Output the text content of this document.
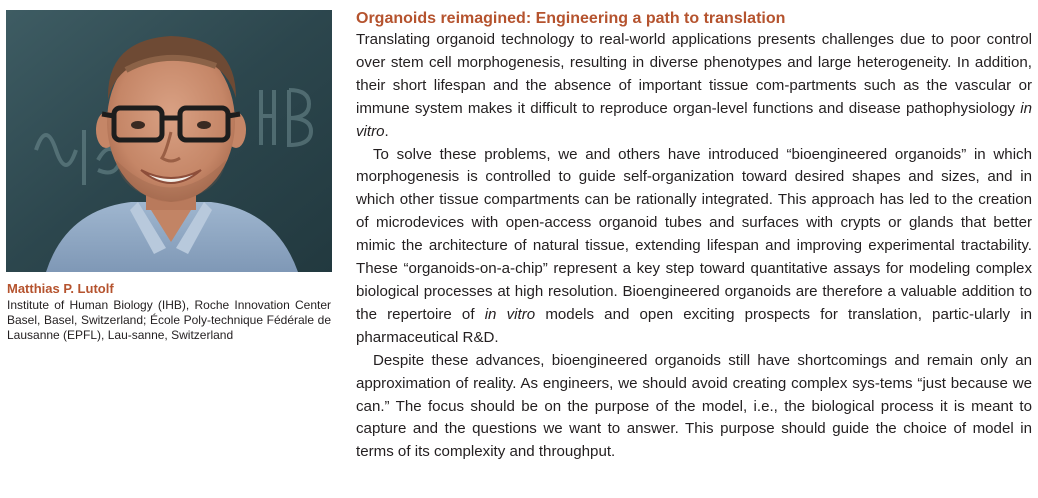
Matthias P. Lutolf
Institute of Human Biology (IHB), Roche Innovation Center Basel, Basel, Switzerland; École Poly-technique Fédérale de Lausanne (EPFL), Lau-sanne, Switzerland
Organoids reimagined: Engineering a path to translation

Translating organoid technology to real-world applications presents challenges due to poor control over stem cell morphogenesis, resulting in diverse phenotypes and large heterogeneity. In addition, their short lifespan and the absence of important tissue com-partments such as the vascular or immune system makes it difficult to reproduce organ-level functions and disease pathophysiology in vitro.

To solve these problems, we and others have introduced “bioengineered organoids” in which morphogenesis is controlled to guide self-organization toward desired shapes and sizes, and in which other tissue compartments can be rationally integrated. This approach has led to the creation of microdevices with open-access organoid tubes and surfaces with crypts or glands that better mimic the architecture of natural tissue, extending lifespan and improving experimental tractability. These “organoids-on-a-chip” represent a key step toward quantitative assays for modeling complex biological processes at high resolution. Bioengineered organoids are therefore a valuable addition to the repertoire of in vitro models and open exciting prospects for translation, partic-ularly in pharmaceutical R&D.

Despite these advances, bioengineered organoids still have shortcomings and remain only an approximation of reality. As engineers, we should avoid creating complex sys-tems “just because we can.” The focus should be on the purpose of the model, i.e., the biological process it is meant to capture and the questions we want to answer. This purpose should guide the choice of model in terms of its complexity and throughput.
